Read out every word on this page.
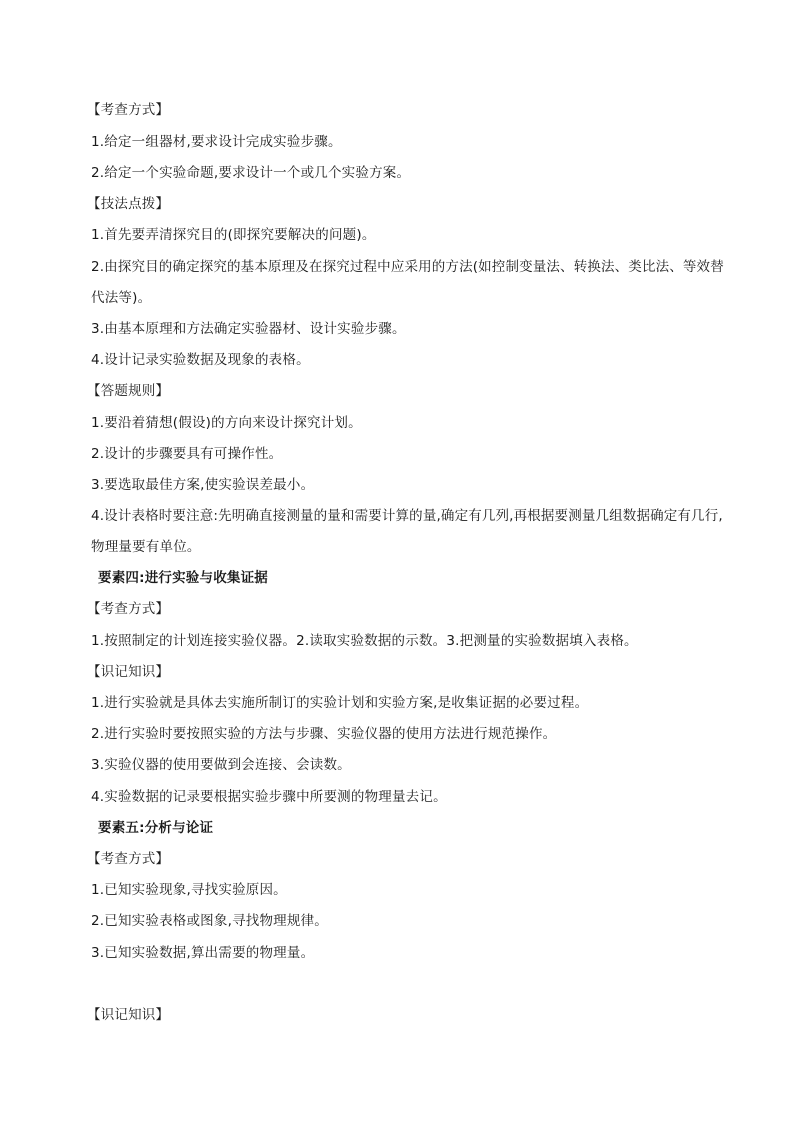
【考查方式】
1.给定一组器材,要求设计完成实验步骤。
2.给定一个实验命题,要求设计一个或几个实验方案。
【技法点拨】
1.首先要弄清探究目的(即探究要解决的问题)。
2.由探究目的确定探究的基本原理及在探究过程中应采用的方法(如控制变量法、转换法、类比法、等效替
代法等)。
3.由基本原理和方法确定实验器材、设计实验步骤。
4.设计记录实验数据及现象的表格。
【答题规则】
1.要沿着猜想(假设)的方向来设计探究计划。
2.设计的步骤要具有可操作性。
3.要选取最佳方案,使实验误差最小。
4.设计表格时要注意:先明确直接测量的量和需要计算的量,确定有几列,再根据要测量几组数据确定有几行,
物理量要有单位。
要素四:进行实验与收集证据
【考查方式】
1.按照制定的计划连接实验仪器。2.读取实验数据的示数。3.把测量的实验数据填入表格。
【识记知识】
1.进行实验就是具体去实施所制订的实验计划和实验方案,是收集证据的必要过程。
2.进行实验时要按照实验的方法与步骤、实验仪器的使用方法进行规范操作。
3.实验仪器的使用要做到会连接、会读数。
4.实验数据的记录要根据实验步骤中所要测的物理量去记。
要素五:分析与论证
【考查方式】
1.已知实验现象,寻找实验原因。
2.已知实验表格或图象,寻找物理规律。
3.已知实验数据,算出需要的物理量。
【识记知识】
